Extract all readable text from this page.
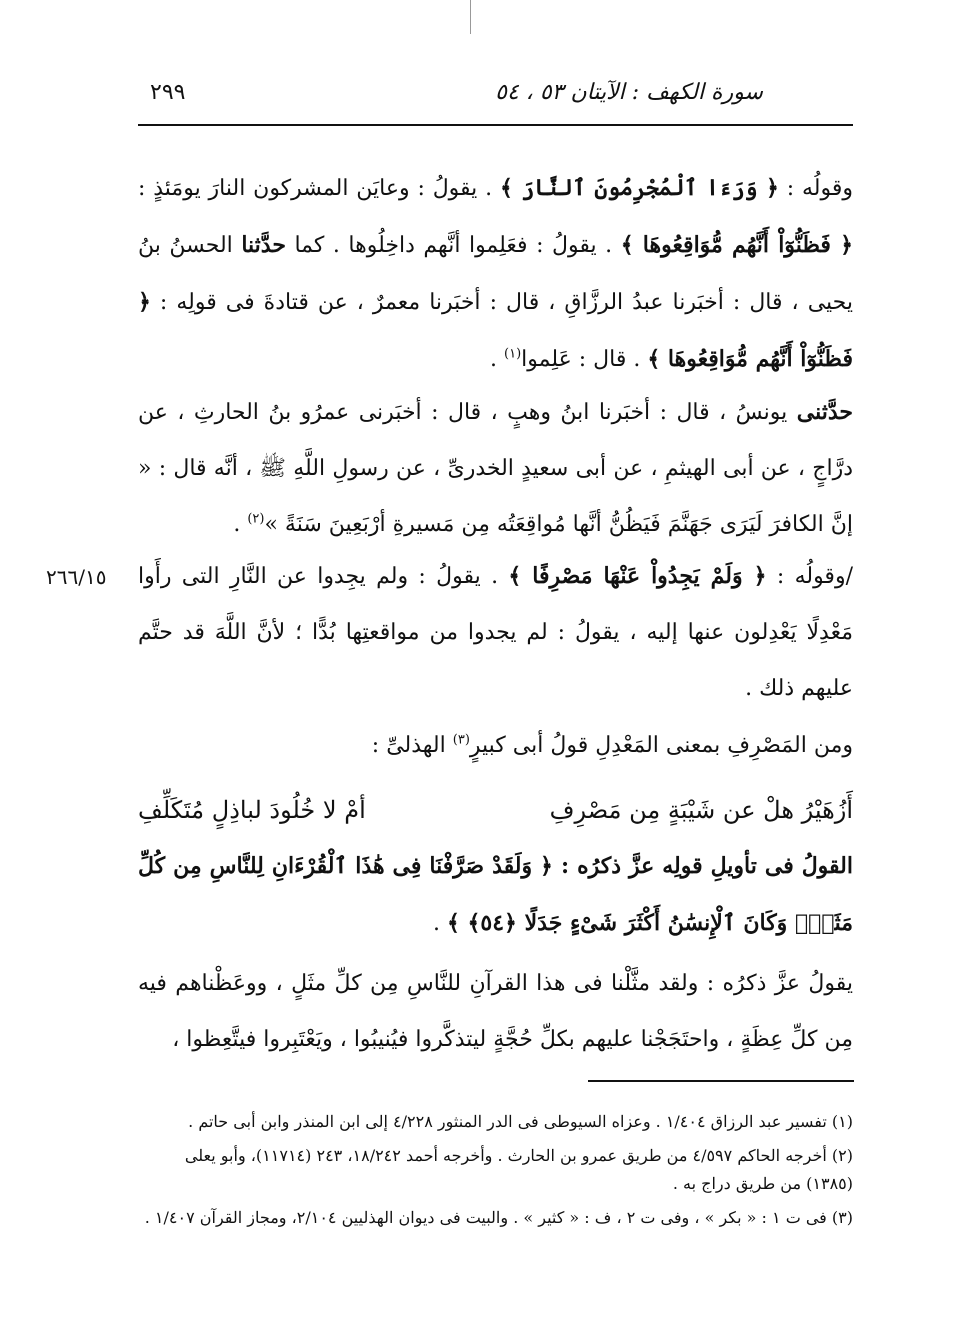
سورة الكهف : الآيتان ٥٣ ، ٥٤
٢٩٩
وقولُه : ﴿ وَرَءَا ٱلْمُجْرِمُونَ ٱلنَّارَ ﴾ . يقولُ : وعايَن المشركون النارَ يومَئذٍ : ﴿ فَظَنُّوٓاْ أَنَّهُم مُّوَاقِعُوهَا ﴾ . يقولُ : فعَلِموا أنَّهم داخِلُوها . كما حدَّثنا الحسنُ بنُ يحيى ، قال : أخبَرنا عبدُ الرزَّاقِ ، قال : أخبَرنا معمرٌ ، عن قتادةَ فى قولِه : ﴿ فَظَنُّوٓاْ أَنَّهُم مُّوَاقِعُوهَا ﴾ . قال : عَلِموا$^{(١)}$ .
حدَّثنى يونسُ ، قال : أخبَرنا ابنُ وهبٍ ، قال : أخبَرنى عمرُو بنُ الحارثِ ، عن درَّاجٍ ، عن أبى الهيثمِ ، عن أبى سعيدٍ الخدرىِّ ، عن رسولِ اللَّهِ ﷺ ، أنَّه قال : « إنَّ الكافرَ لَيَرَى جَهَنَّمَ فَيَظُنُّ أنَّها مُواقِعَتُه مِن مَسيرةِ أرْبَعِينَ سَنَةً »$^{(٢)}$ .
٢٦٦/١٥	/وقولُه : ﴿ وَلَمْ يَجِدُواْ عَنْهَا مَصْرِفًا ﴾ . يقولُ : ولم يجِدوا عن النَّارِ التى رأَوا مَعْدِلًا يَعْدِلون عنها إليه ، يقولُ : لم يجدوا من مواقعتِها بُدًّا ؛ لأنَّ اللَّهَ قد حتَّم عليهم ذلك .
ومن المَصْرِفِ بمعنى المَعْدِلِ قولُ أبى كبيرٍ$^{(٣)}$ الهذلىِّ :
أَزُهَيْرُ هلْ عن شَيْبَةٍ مِن مَصْرِفِ
أمْ لا خُلُودَ لباذِلٍ مُتَكَلِّفِ
القولُ فى تأويلِ قولِه عزَّ ذكرُه : ﴿ وَلَقَدْ صَرَّفْنَا فِى هَٰذَا ٱلْقُرْءَانِ لِلنَّاسِ مِن كُلِّ مَثَلٍۚ وَكَانَ ٱلْإِنسَٰنُ أَكْثَرَ شَىْءٍ جَدَلًا ﴿٥٤﴾ ﴾ .
يقولُ عزَّ ذكرُه : ولقد مثَّلْنا فى هذا القرآنِ للنَّاسِ مِن كلِّ مثَلٍ ، ووعَظْناهم فيه مِن كلِّ عِظَةٍ ، واحتَجَجْنا عليهم بكلِّ حُجَّةٍ ليتذكَّروا فيُنيبُوا ، ويَعْتَبِروا فيتَّعِظوا ،

(١) تفسير عبد الرزاق ١/٤٠٤ . وعزاه السيوطى فى الدر المنثور ٤/٢٢٨ إلى ابن المنذر وابن أبى حاتم .

(٢) أخرجه الحاكم ٤/٥٩٧ من طريق عمرو بن الحارث . وأخرجه أحمد ١٨/٢٤٢، ٢٤٣ (١١٧١٤)، وأبو يعلى (١٣٨٥) من طريق دراج به .

(٣) فى ت ١ : « بكر » ، وفى ت ٢ ، ف : « كثير » . والبيت فى ديوان الهذليين ٢/١٠٤، ومجاز القرآن ١/٤٠٧ .
